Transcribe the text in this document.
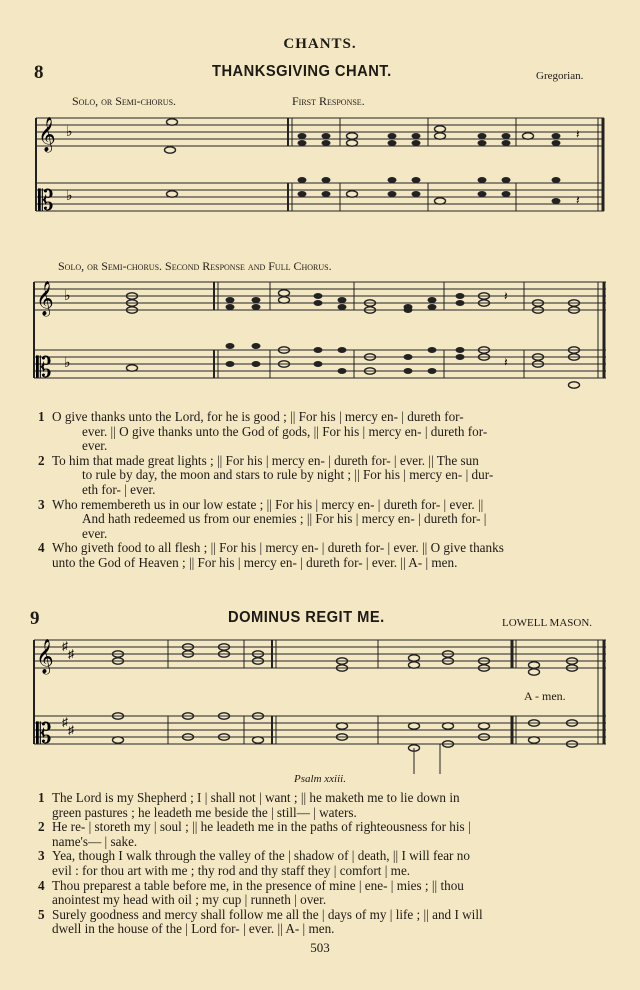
CHANTS.
8	THANKSGIVING CHANT.	Gregorian.
Solo, or Semi-chorus.	First Response.
𝄞 ♭
𝄡 ♭
𝄽
𝄽
Solo, or Semi-chorus. Second Response and Full Chorus.
𝄞 ♭
𝄡 ♭
𝄽
𝄽
1 O give thanks unto the Lord, for he is good ; || For his | mercy en- | dureth for-
ever. || O give thanks unto the God of gods, || For his | mercy en- | dureth for-
ever.
2 To him that made great lights ; || For his | mercy en- | dureth for- | ever. || The sun
to rule by day, the moon and stars to rule by night ; || For his | mercy en- | dur-
eth for- | ever.
3 Who remembereth us in our low estate ; || For his | mercy en- | dureth for- | ever. ||
And hath redeemed us from our enemies ; || For his | mercy en- | dureth for- |
ever.
4 Who giveth food to all flesh ; || For his | mercy en- | dureth for- | ever. || O give thanks
unto the God of Heaven ; || For his | mercy en- | dureth for- | ever. || A- | men.
9	DOMINUS REGIT ME.	LOWELL MASON.
𝄞 ♯
♯
𝄡 ♯
♯
A - men.
Psalm xxiii.
1 The Lord is my Shepherd ; I | shall not | want ; || he maketh me to lie down in
green pastures ; he leadeth me beside the | still— | waters.
2 He re- | storeth my | soul ; || he leadeth me in the paths of righteousness for his |
name's— | sake.
3 Yea, though I walk through the valley of the | shadow of | death, || I will fear no
evil : for thou art with me ; thy rod and thy staff they | comfort | me.
4 Thou preparest a table before me, in the presence of mine | ene- | mies ; || thou
anointest my head with oil ; my cup | runneth | over.
5 Surely goodness and mercy shall follow me all the | days of my | life ; || and I will
dwell in the house of the | Lord for- | ever. || A- | men.
503
